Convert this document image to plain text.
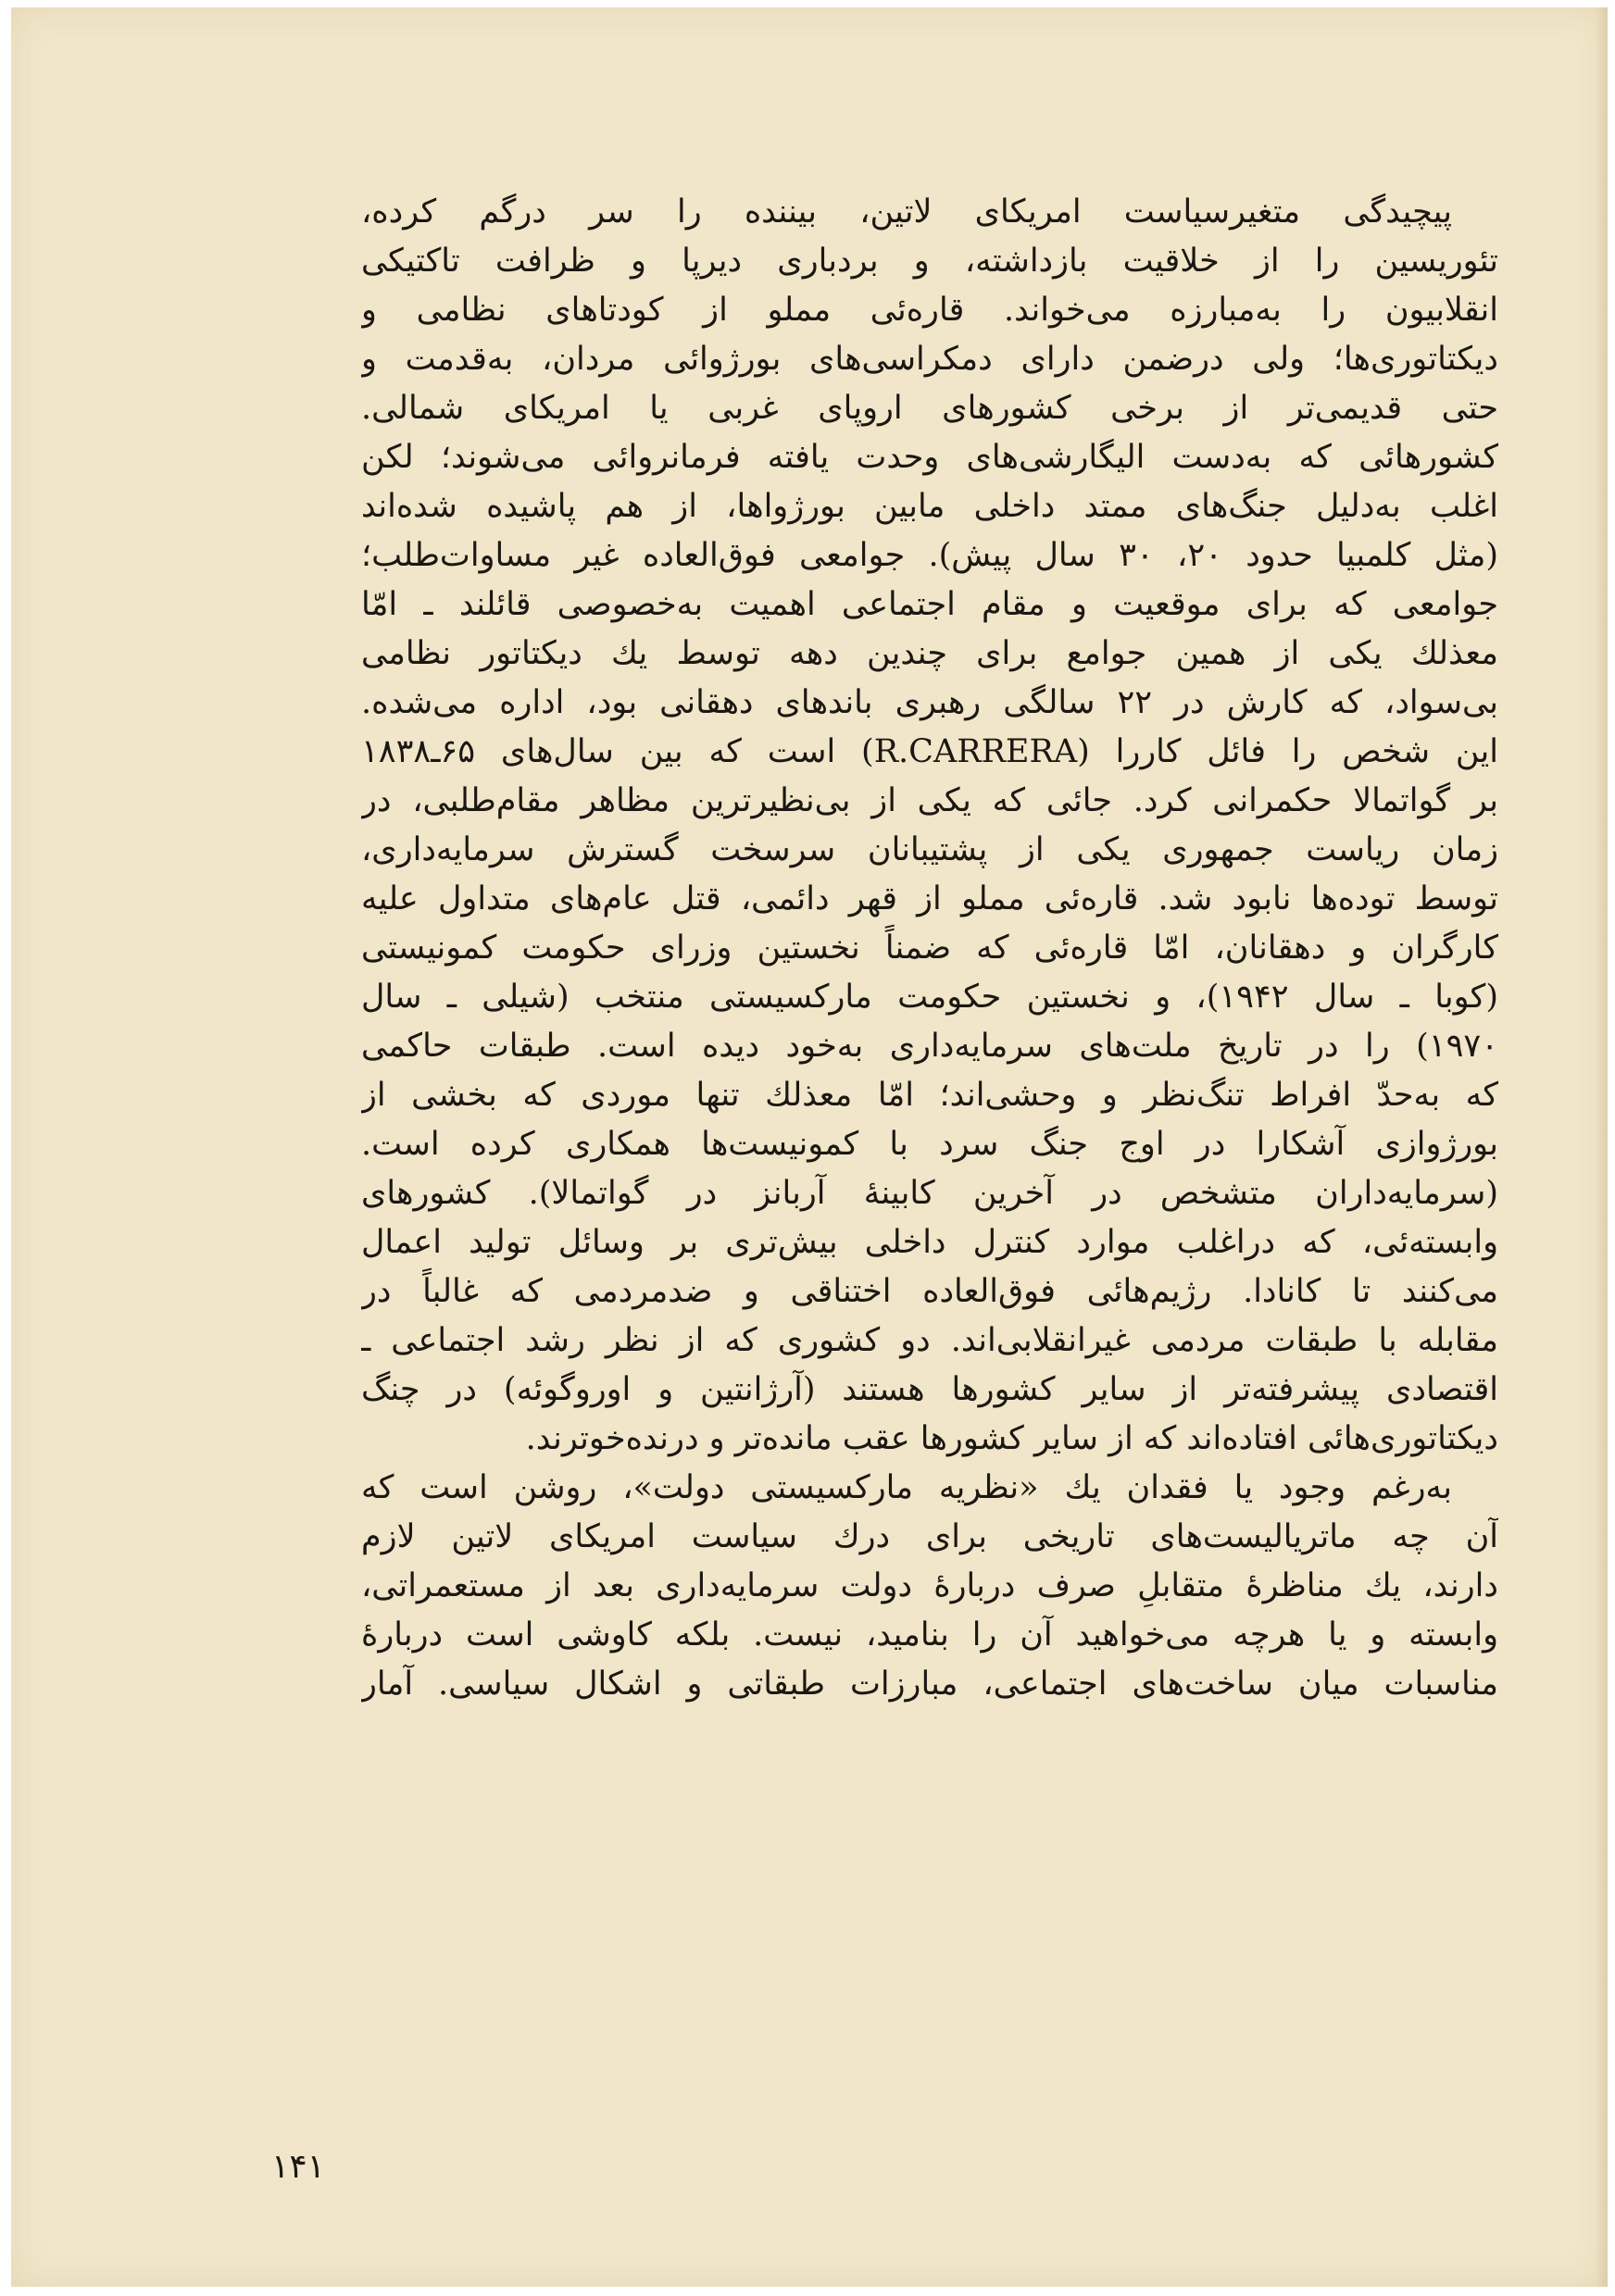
پیچیدگی متغیرسیاست امریکای لاتین، بیننده را سر درگم کرده،
تئوریسین را از خلاقیت بازداشته، و بردباری دیرپا و ظرافت تاکتیکی
انقلابیون را به‌مبارزه می‌خواند. قاره‌ئی مملو از کودتاهای نظامی و
دیکتاتوری‌ها؛ ولی درضمن دارای دمکراسی‌های بورژوائی مردان، به‌قدمت و
حتی قدیمی‌تر از برخی کشورهای اروپای غربی یا امریکای شمالی.
کشورهائی که به‌دست الیگارشی‌های وحدت یافته فرمانروائی می‌شوند؛ لکن
اغلب به‌دلیل جنگ‌های ممتد داخلی مابین بورژواها، از هم پاشیده شده‌اند
(مثل کلمبیا حدود ۲۰، ۳۰ سال پیش). جوامعی فوق‌العاده غیر مساوات‌طلب؛
جوامعی که برای موقعیت و مقام اجتماعی اهمیت به‌خصوصی قائلند ـ امّا
معذلك یکی از همین جوامع برای چندین دهه توسط یك دیکتاتور نظامی
بی‌سواد، که کارش در ۲۲ سالگی رهبری باندهای دهقانی بود، اداره می‌شده.
این شخص را فائل کاررا (R.CARRERA) است که بین سال‌های ۶۵ـ۱۸۳۸
بر گواتمالا حکمرانی کرد. جائی که یکی از بی‌نظیرترین مظاهر مقام‌طلبی، در
زمان ریاست جمهوری یکی از پشتیبانان سرسخت گسترش سرمایه‌داری،
توسط توده‌ها نابود شد. قاره‌ئی مملو از قهر دائمی، قتل عام‌های متداول علیه
کارگران و دهقانان، امّا قاره‌ئی که ضمناً نخستین وزرای حکومت کمونیستی
(کوبا ـ سال ۱۹۴۲)، و نخستین حکومت مارکسیستی منتخب (شیلی ـ سال
۱۹۷۰) را در تاریخ ملت‌های سرمایه‌داری به‌خود دیده است. طبقات حاکمی
که به‌حدّ افراط تنگ‌نظر و وحشی‌اند؛ امّا معذلك تنها موردی که بخشی از
بورژوازی آشکارا در اوج جنگ سرد با کمونیست‌ها همکاری کرده است.
(سرمایه‌داران متشخص در آخرین کابینهٔ آربانز در گواتمالا). کشورهای
وابسته‌ئی، که دراغلب موارد کنترل داخلی بیش‌تری بر وسائل تولید اعمال
می‌کنند تا کانادا. رژیم‌هائی فوق‌العاده اختناقی و ضدمردمی که غالباً در
مقابله با طبقات مردمی غیرانقلابی‌اند. دو کشوری که از نظر رشد اجتماعی ـ
اقتصادی پیشرفته‌تر از سایر کشورها هستند (آرژانتین و اوروگوئه) در چنگ
دیکتاتوری‌هائی افتاده‌اند که از سایر کشورها عقب مانده‌تر و درنده‌خوترند.
به‌رغم وجود یا فقدان یك «نظریه مارکسیستی دولت»، روشن است که
آن چه ماتریالیست‌های تاریخی برای درك سیاست امریکای لاتین لازم
دارند، یك مناظرهٔ متقابلِ صرف دربارهٔ دولت سرمایه‌داری بعد از مستعمراتی،
وابسته و یا هرچه می‌خواهید آن را بنامید، نیست. بلکه کاوشی است دربارهٔ
مناسبات میان ساخت‌های اجتماعی، مبارزات طبقاتی و اشکال سیاسی. آمار
۱۴۱
